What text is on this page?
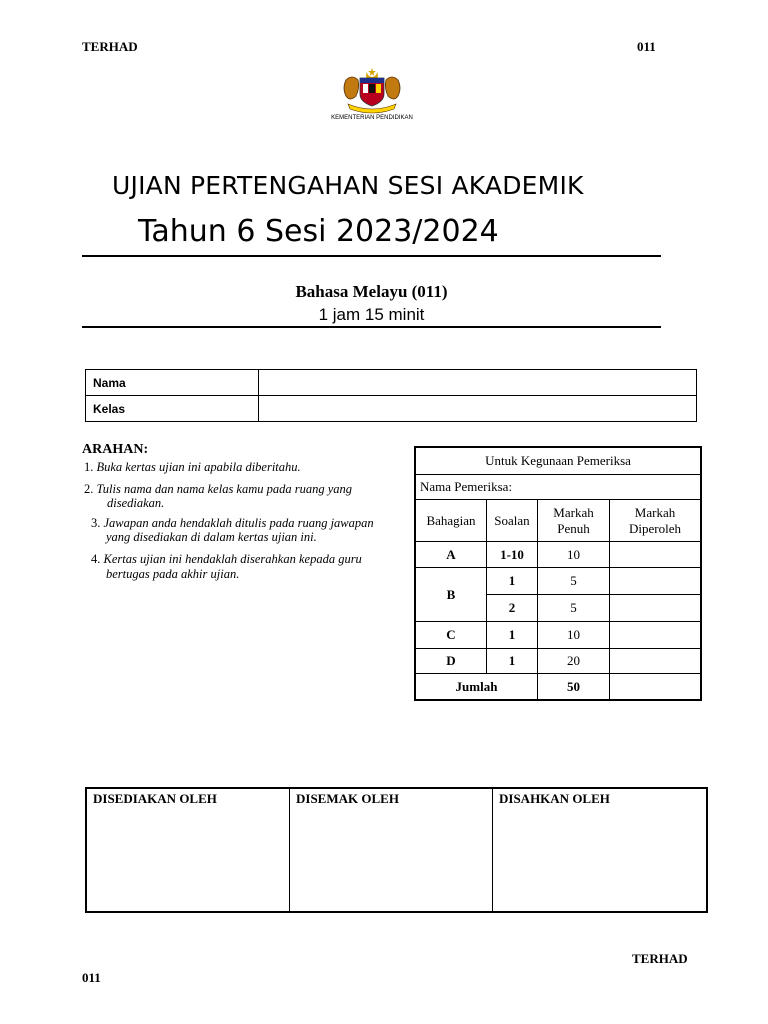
TERHAD	011
KEMENTERIAN PENDIDIKAN
UJIAN PERTENGAHAN SESI AKADEMIK
Tahun 6 Sesi 2023/2024
Bahasa Melayu (011)
1 jam 15 minit
Nama	
Kelas	
ARAHAN:
1. Buka kertas ujian ini apabila diberitahu.
2. Tulis nama dan nama kelas kamu pada ruang yang
disediakan.
3. Jawapan anda hendaklah ditulis pada ruang jawapan
yang disediakan di dalam kertas ujian ini.
4. Kertas ujian ini hendaklah diserahkan kepada guru
bertugas pada akhir ujian.
Untuk Kegunaan Pemeriksa			
Nama Pemeriksa:			
Bahagian	Soalan	Markah Penuh	Markah Diperoleh
A	1-10	10	
B	1	5	
	2	5	
C	1	10	
D	1	20	
Jumlah		50	
DISEDIAKAN OLEH	DISEMAK OLEH	DISAHKAN OLEH
TERHAD
011
